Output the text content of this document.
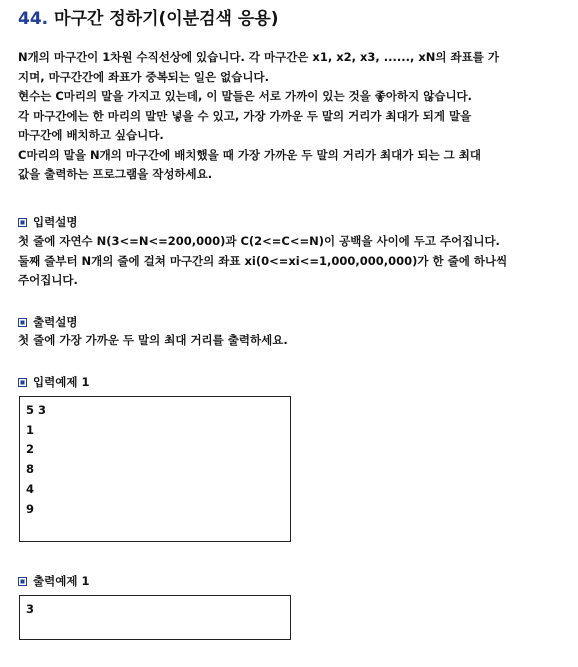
44. 마구간 정하기(이분검색 응용)

N개의 마구간이 1차원 수직선상에 있습니다. 각 마구간은 x1, x2, x3, ......, xN의 좌표를 가

지며, 마구간간에 좌표가 중복되는 일은 없습니다.

현수는 C마리의 말을 가지고 있는데, 이 말들은 서로 가까이 있는 것을 좋아하지 않습니다.

각 마구간에는 한 마리의 말만 넣을 수 있고, 가장 가까운 두 말의 거리가 최대가 되게 말을

마구간에 배치하고 싶습니다.

C마리의 말을 N개의 마구간에 배치했을 때 가장 가까운 두 말의 거리가 최대가 되는 그 최대

값을 출력하는 프로그램을 작성하세요.

입력설명

첫 줄에 자연수 N(3<=N<=200,000)과 C(2<=C<=N)이 공백을 사이에 두고 주어집니다.

둘째 줄부터 N개의 줄에 걸쳐 마구간의 좌표 xi(0<=xi<=1,000,000,000)가 한 줄에 하나씩

주어집니다.

출력설명

첫 줄에 가장 가까운 두 말의 최대 거리를 출력하세요.

입력예제 1
5 3
1
2
8
4
9
출력예제 1
3
